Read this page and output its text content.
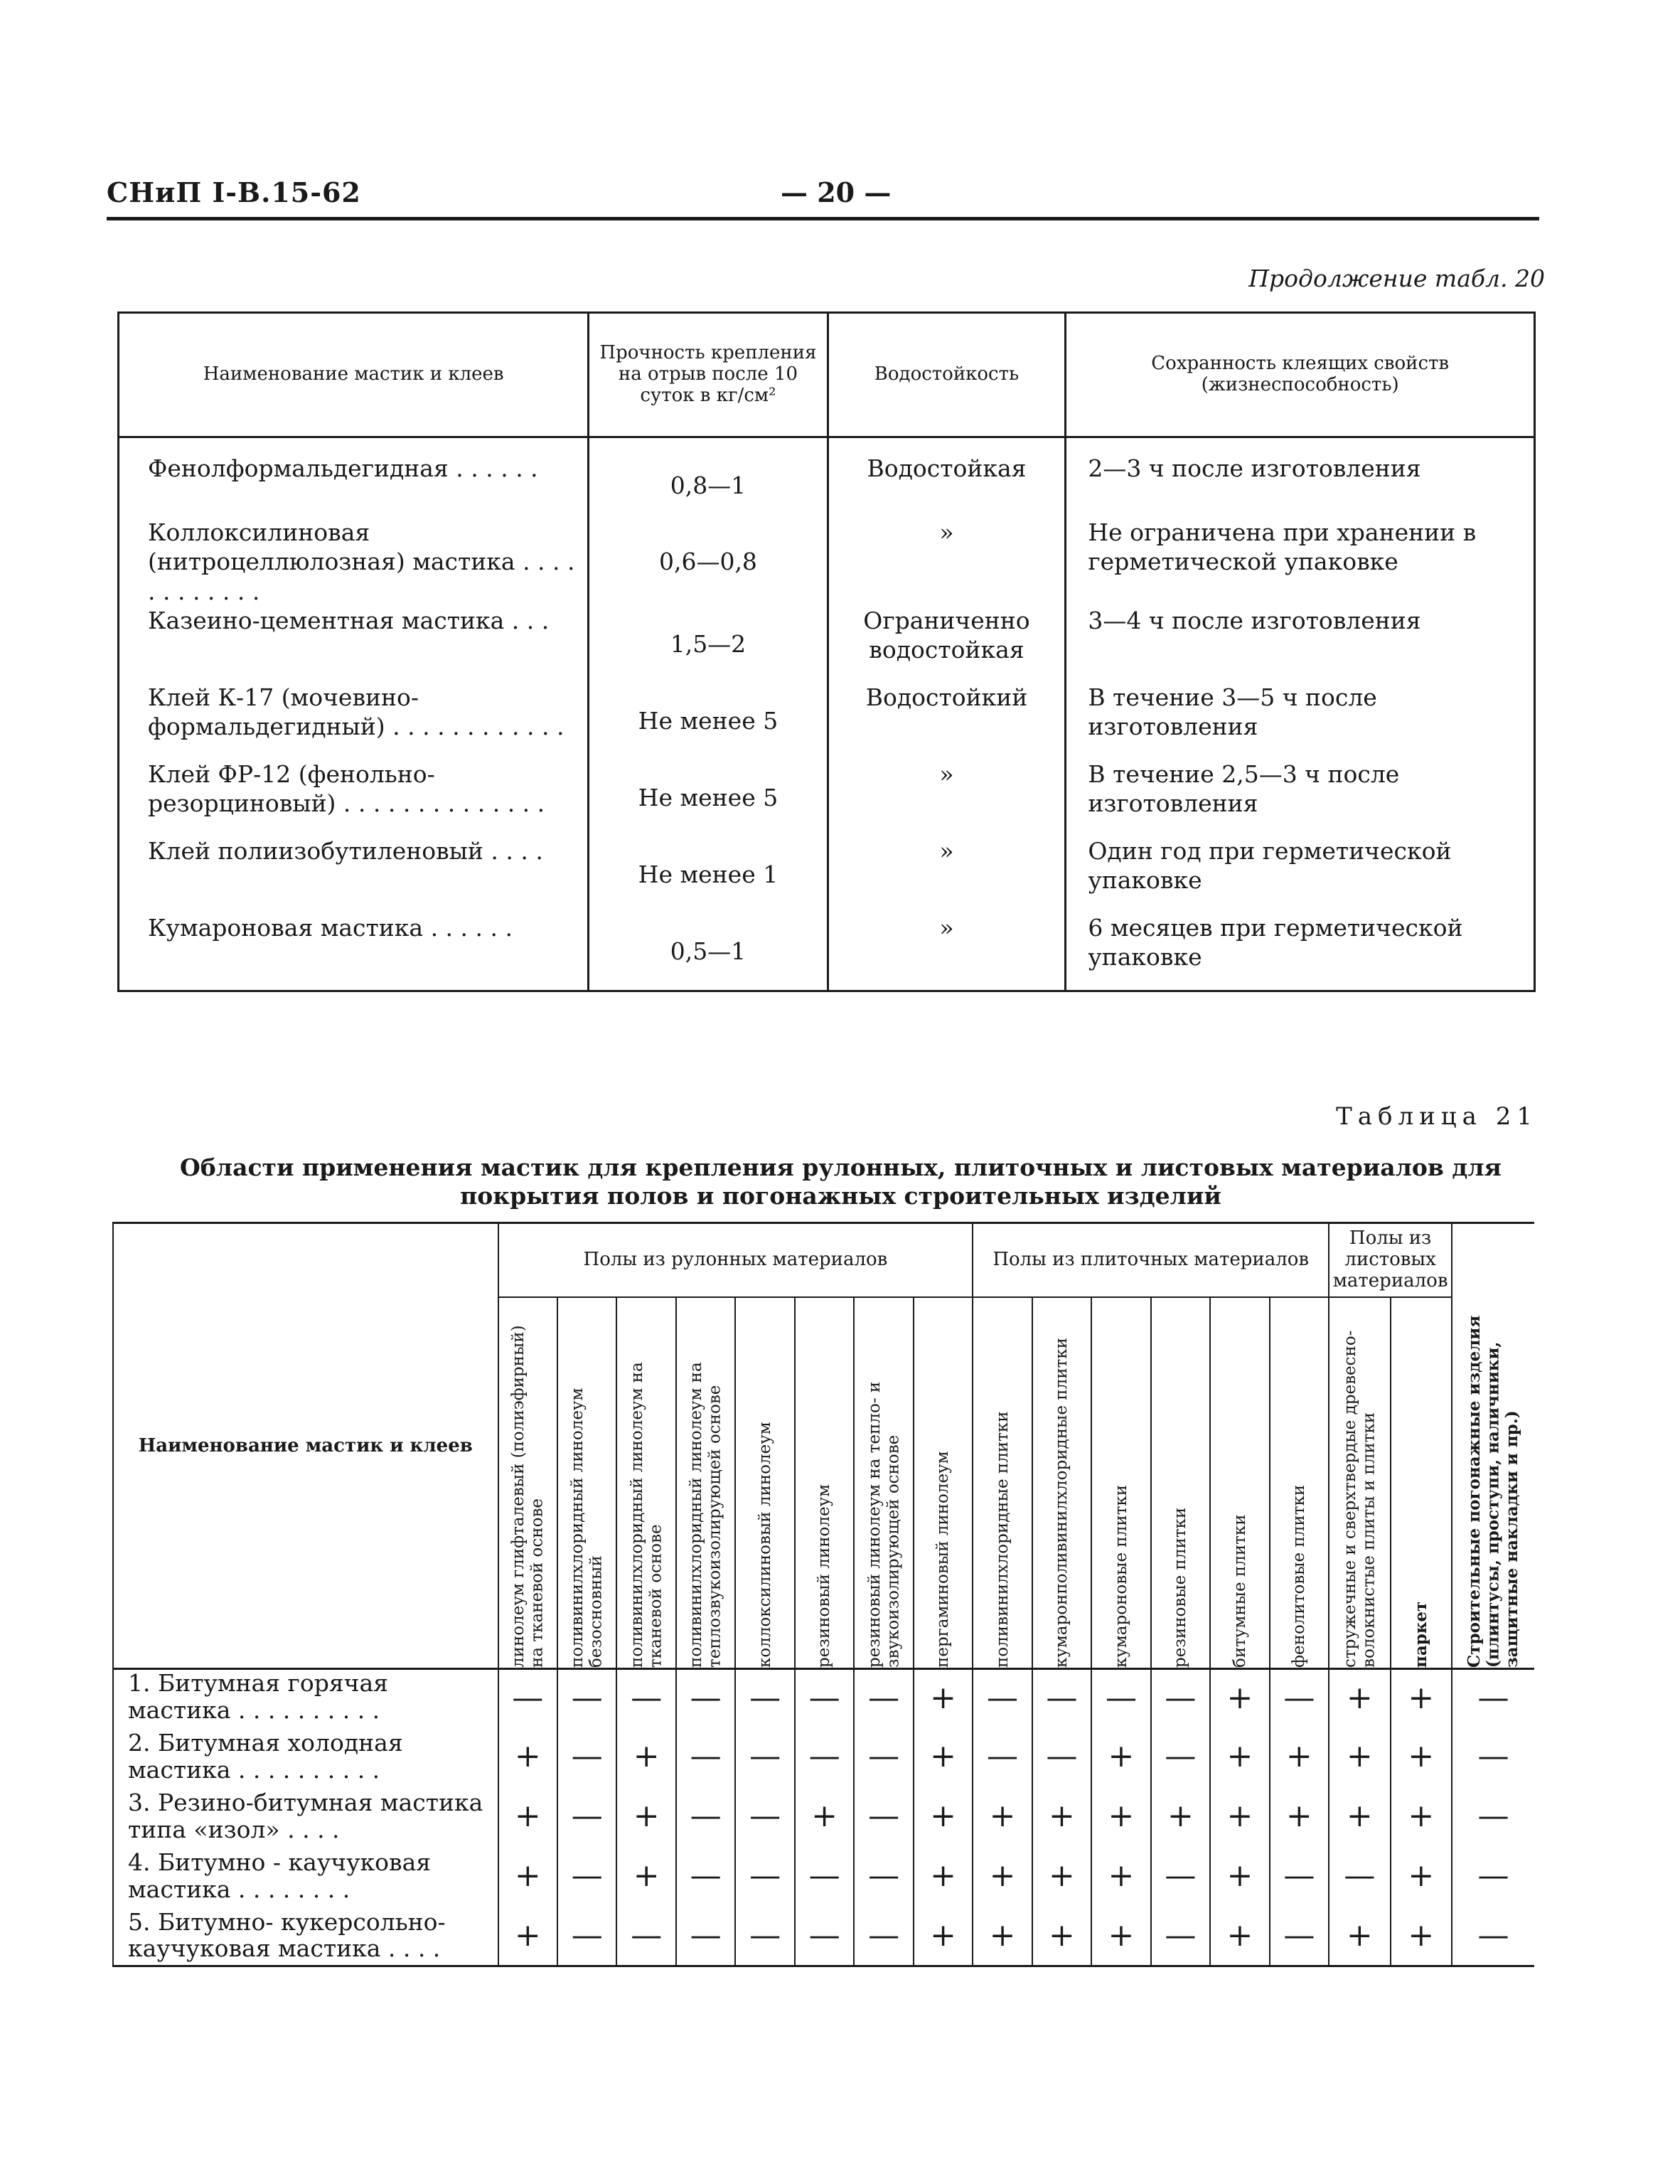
СНиП I-В.15-62	— 20 —
Продолжение табл. 20
Наименование мастик и клеев	Прочность крепления на отрыв после 10 суток в кг/см²	Водостойкость	Сохранность клеящих свойств (жизнеспособность)
Фенолформальдегидная . . . . . .	0,8—1	Водостойкая	2—3 ч после изготовления
Коллоксилиновая (нитроцеллюлозная) мастика . . . . . . . . . . . .	0,6—0,8	»	Не ограничена при хранении в герметической упаковке
Казеино-цементная мастика . . .	1,5—2	Ограниченно водостойкая	3—4 ч после изготовления
Клей К-17 (мочевино-формальдегидный) . . . . . . . . . . . .	Не менее 5	Водостойкий	В течение 3—5 ч после изготовления
Клей ФР-12 (фенольно-резорциновый) . . . . . . . . . . . . . .	Не менее 5	»	В течение 2,5—3 ч после изготовления
Клей полиизобутиленовый . . . .	Не менее 1	»	Один год при герметической упаковке
Кумароновая мастика . . . . . .	0,5—1	»	6 месяцев при герметической упаковке
Таблица 21
Области применения мастик для крепления рулонных, плиточных и листовых материалов для покрытия полов и погонажных строительных изделий
Наименование мастик и клеев	Полы из рулонных материалов								Полы из плиточных материалов						Полы из листовых материалов		Строительные погонажные изделия (плинтусы, проступи, наличники, защитные накладки и пр.)

	линолеум глифталевый (полиэфирный) на тканевой основе	поливинилхлоридный линолеум безосновный	поливинилхлоридный линолеум на тканевой основе	поливинилхлоридный линолеум на теплозвукоизолирующей основе	коллоксилиновый линолеум	резиновый линолеум	резиновый линолеум на тепло- и звукоизолирующей основе	пергаминовый линолеум	поливинилхлоридные плитки	кумаронполивинилхлоридные плитки	кумароновые плитки	резиновые плитки	битумные плитки	фенолитовые плитки	стружечные и сверхтвердые древесно-волокнистые плиты и плитки	паркет	

1. Битумная горячая мастика . . . . . . . . . .	—	—	—	—	—	—	—	+	—	—	—	—	+	—	+	+	—
2. Битумная холодная мастика . . . . . . . . . .	+	—	+	—	—	—	—	+	—	—	+	—	+	+	+	+	—
3. Резино-битумная мастика типа «изол» . . . .	+	—	+	—	—	+	—	+	+	+	+	+	+	+	+	+	—
4. Битумно - каучуковая мастика . . . . . . . .	+	—	+	—	—	—	—	+	+	+	+	—	+	—	—	+	—
5. Битумно- кукерсольно-каучуковая мастика . . . .	+	—	—	—	—	—	—	+	+	+	+	—	+	—	+	+	—
